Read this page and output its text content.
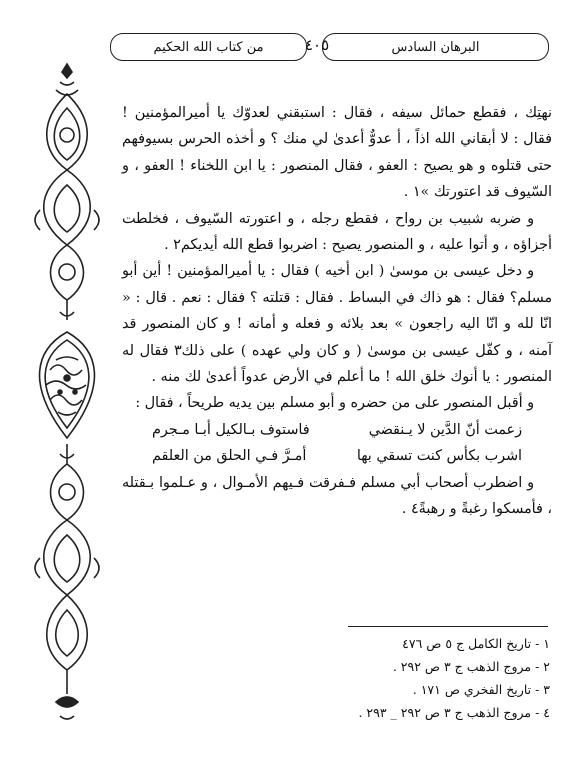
البرهان السادس
٤٠٥
من كتاب الله الحكيم

نهتِك ، فقطع حمائل سيفه ، فقال : استبقني لعدوّك يا أميرالمؤمنين ! فقال : لا أبقاني الله اذاً ، أ عدوٌّ أعدىٰ لي منك ؟ و أخذه الحرس بسيوفهم حتى قتلوه و هو يصيح : العفو ، فقال المنصور : يا ابن اللخناء ! العفو ، و السّيوف قد اعتورتك »١ .

و ضربه شبيب بن رواح ، فقطع رجله ، و اعتورته السّيوف ، فخلطت أجزاؤه ، و أتوا عليه ، و المنصور يصيح : اضربوا قطع الله أيديكم٢ .

و دخل عيسى بن موسىٰ ( ابن أخيه ) فقال : يا أميرالمؤمنين ! أين أبو مسلم؟ فقال : هو ذاك في البساط . فقال : قتلته ؟ فقال : نعم . قال : « انّا لله و انّا اليه راجعون » بعد بلائه و فعله و أمانه ! و كان المنصور قد آمنه ، و كفّل عيسى بن موسىٰ ( و كان ولي عهده ) على ذلك٣ فقال له المنصور : يا أنوك خلق الله ! ما أعلم في الأرض عدواً أعدىٰ لك منه .

و أقبل المنصور على من حضره و أبو مسلم بين يديه طريحاً ، فقال :

زعمت أنّ الدَّين لا يـنقضي
فاستوف بـالكيل أبـا مـجرم
اشرب بكأس كنت تسقي بها
أمـرَّ فـي الحلق من العلقم

و اضطرب أصحاب أبي مسلم فـفرقت فـيهم الأمـوال ، و عـلموا بـقتله ، فأمسكوا رغبةً و رهبةً٤ .

١ - تاريخ الكامل ج ٥ ص ٤٧٦
٢ - مروج الذهب ج ٣ ص ٢٩٢ .
٣ - تاريخ الفخري ص ١٧١ .
٤ - مروج الذهب ج ٣ ص ٢٩٢ _ ٢٩٣ .
